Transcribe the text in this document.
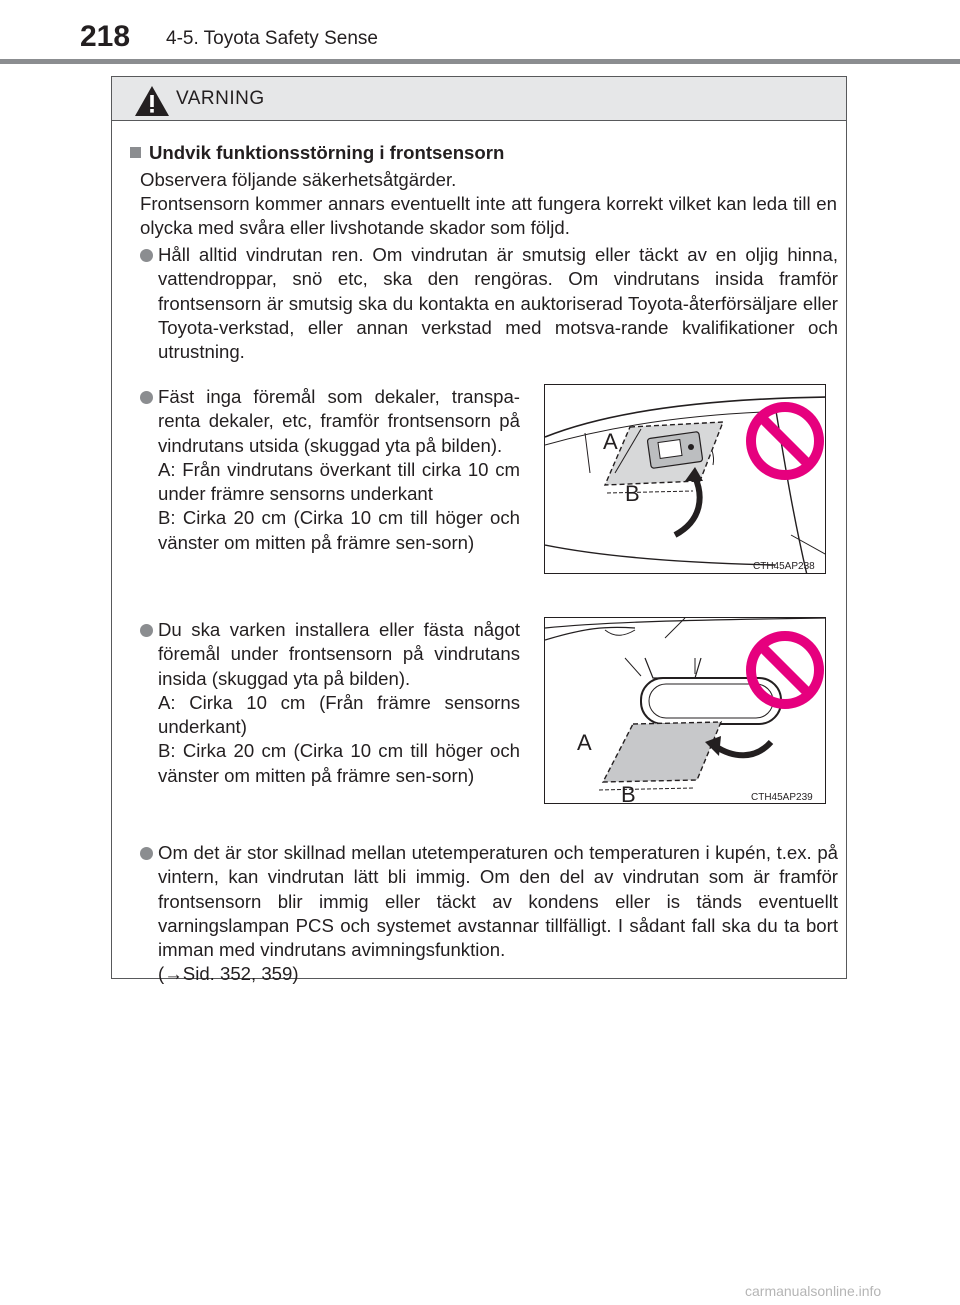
218 4-5. Toyota Safety Sense
VARNING
Undvik funktionsstörning i frontsensorn
Observera följande säkerhetsåtgärder.
Frontsensorn kommer annars eventuellt inte att fungera korrekt vilket kan leda till en olycka med svåra eller livshotande skador som följd.
Håll alltid vindrutan ren. Om vindrutan är smutsig eller täckt av en oljig hinna, vattendroppar, snö etc, ska den rengöras. Om vindrutans insida framför frontsensorn är smutsig ska du kontakta en auktoriserad Toyota-återförsäljare eller Toyota-verkstad, eller annan verkstad med motsva-rande kvalifikationer och utrustning.
Fäst inga föremål som dekaler, transpa-renta dekaler, etc, framför frontsensorn på vindrutans utsida (skuggad yta på bilden).
A: Från vindrutans överkant till cirka 10 cm under främre sensorns underkant
B: Cirka 20 cm (Cirka 10 cm till höger och vänster om mitten på främre sen-sorn)
A
B
CTH45AP238
Du ska varken installera eller fästa något föremål under frontsensorn på vindrutans insida (skuggad yta på bilden).
A: Cirka 10 cm (Från främre sensorns underkant)
B: Cirka 20 cm (Cirka 10 cm till höger och vänster om mitten på främre sen-sorn)
A
B	CTH45AP239
Om det är stor skillnad mellan utetemperaturen och temperaturen i kupén, t.ex. på vintern, kan vindrutan lätt bli immig. Om den del av vindrutan som är framför frontsensorn blir immig eller täckt av kondens eller is tänds eventuellt varningslampan PCS och systemet avstannar tillfälligt. I sådant fall ska du ta bort imman med vindrutans avimningsfunktion.
(→Sid. 352, 359)
carmanualsonline.info
